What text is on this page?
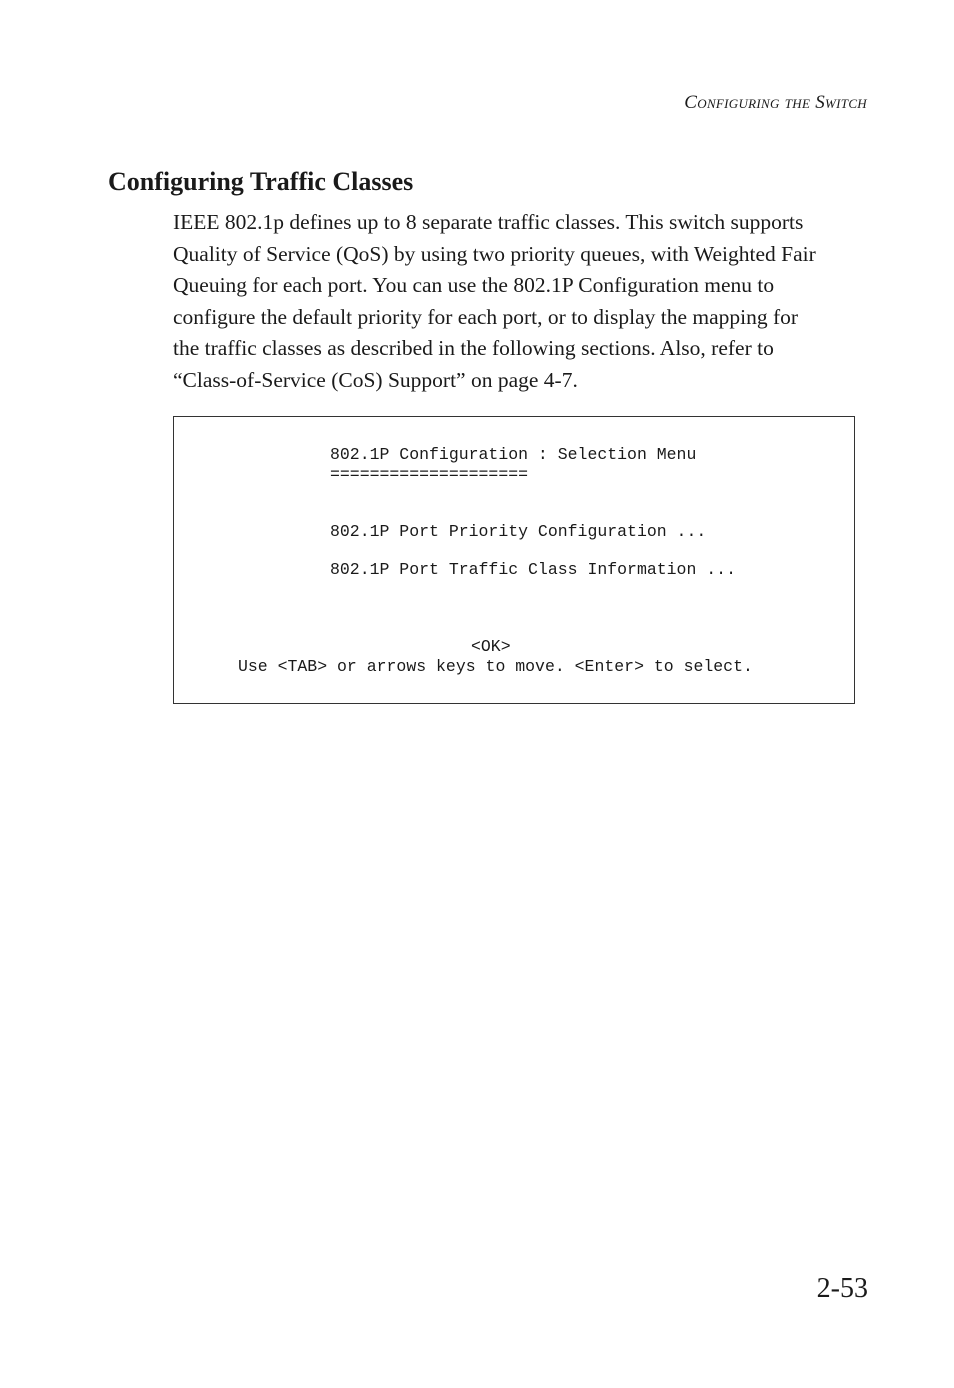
Configuring the Switch
Configuring Traffic Classes

IEEE 802.1p defines up to 8 separate traffic classes. This switch supports
Quality of Service (QoS) by using two priority queues, with Weighted Fair
Queuing for each port. You can use the 802.1P Configuration menu to
configure the default priority for each port, or to display the mapping for
the traffic classes as described in the following sections. Also, refer to
“Class-of-Service (CoS) Support” on page 4-7.

802.1P Configuration : Selection Menu
====================
802.1P Port Priority Configuration ...
802.1P Port Traffic Class Information ...
<OK>
Use <TAB> or arrows keys to move. <Enter> to select.
2-53
